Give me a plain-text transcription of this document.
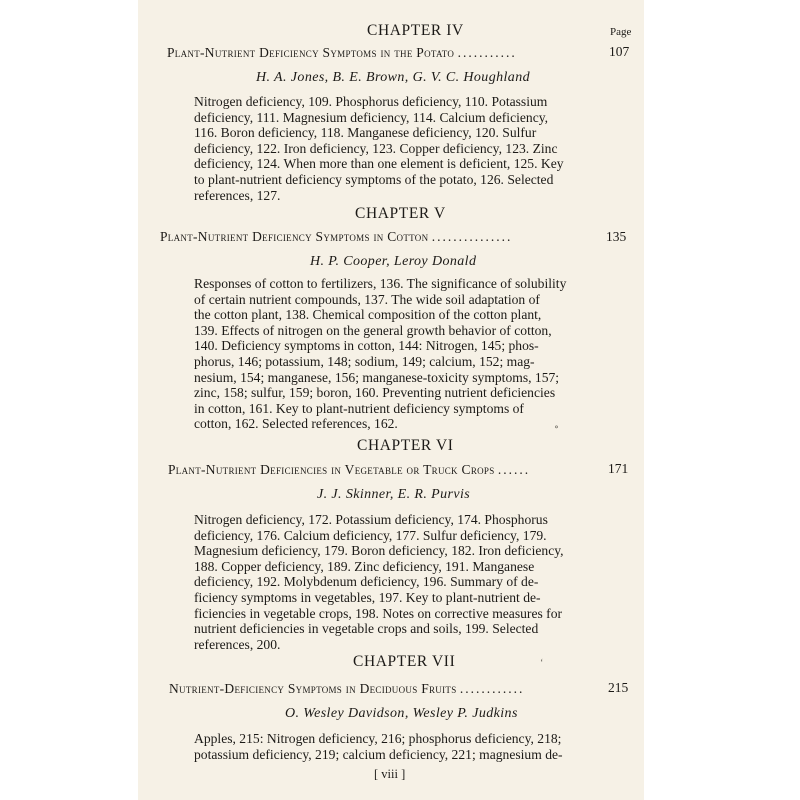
CHAPTER IV	Page
Plant-Nutrient Deficiency Symptoms in the Potato ...........	107
H. A. Jones, B. E. Brown, G. V. C. Houghland
Nitrogen deficiency, 109. Phosphorus deficiency, 110. Potassium
deficiency, 111. Magnesium deficiency, 114. Calcium deficiency,
116. Boron deficiency, 118. Manganese deficiency, 120. Sulfur
deficiency, 122. Iron deficiency, 123. Copper deficiency, 123. Zinc
deficiency, 124. When more than one element is deficient, 125. Key
to plant-nutrient deficiency symptoms of the potato, 126. Selected
references, 127.
CHAPTER V
Plant-Nutrient Deficiency Symptoms in Cotton ...............	135
H. P. Cooper, Leroy Donald
Responses of cotton to fertilizers, 136. The significance of solubility
of certain nutrient compounds, 137. The wide soil adaptation of
the cotton plant, 138. Chemical composition of the cotton plant,
139. Effects of nitrogen on the general growth behavior of cotton,
140. Deficiency symptoms in cotton, 144: Nitrogen, 145; phos-
phorus, 146; potassium, 148; sodium, 149; calcium, 152; mag-
nesium, 154; manganese, 156; manganese-toxicity symptoms, 157;
zinc, 158; sulfur, 159; boron, 160. Preventing nutrient deficiencies
in cotton, 161. Key to plant-nutrient deficiency symptoms of
cotton, 162. Selected references, 162.
CHAPTER VI
Plant-Nutrient Deficiencies in Vegetable or Truck Crops ......	171
J. J. Skinner, E. R. Purvis
Nitrogen deficiency, 172. Potassium deficiency, 174. Phosphorus
deficiency, 176. Calcium deficiency, 177. Sulfur deficiency, 179.
Magnesium deficiency, 179. Boron deficiency, 182. Iron deficiency,
188. Copper deficiency, 189. Zinc deficiency, 191. Manganese
deficiency, 192. Molybdenum deficiency, 196. Summary of de-
ficiency symptoms in vegetables, 197. Key to plant-nutrient de-
ficiencies in vegetable crops, 198. Notes on corrective measures for
nutrient deficiencies in vegetable crops and soils, 199. Selected
references, 200.
CHAPTER VII
Nutrient-Deficiency Symptoms in Deciduous Fruits ............	215
O. Wesley Davidson, Wesley P. Judkins
Apples, 215: Nitrogen deficiency, 216; phosphorus deficiency, 218;
potassium deficiency, 219; calcium deficiency, 221; magnesium de-
[ viii ]
∘
‘
